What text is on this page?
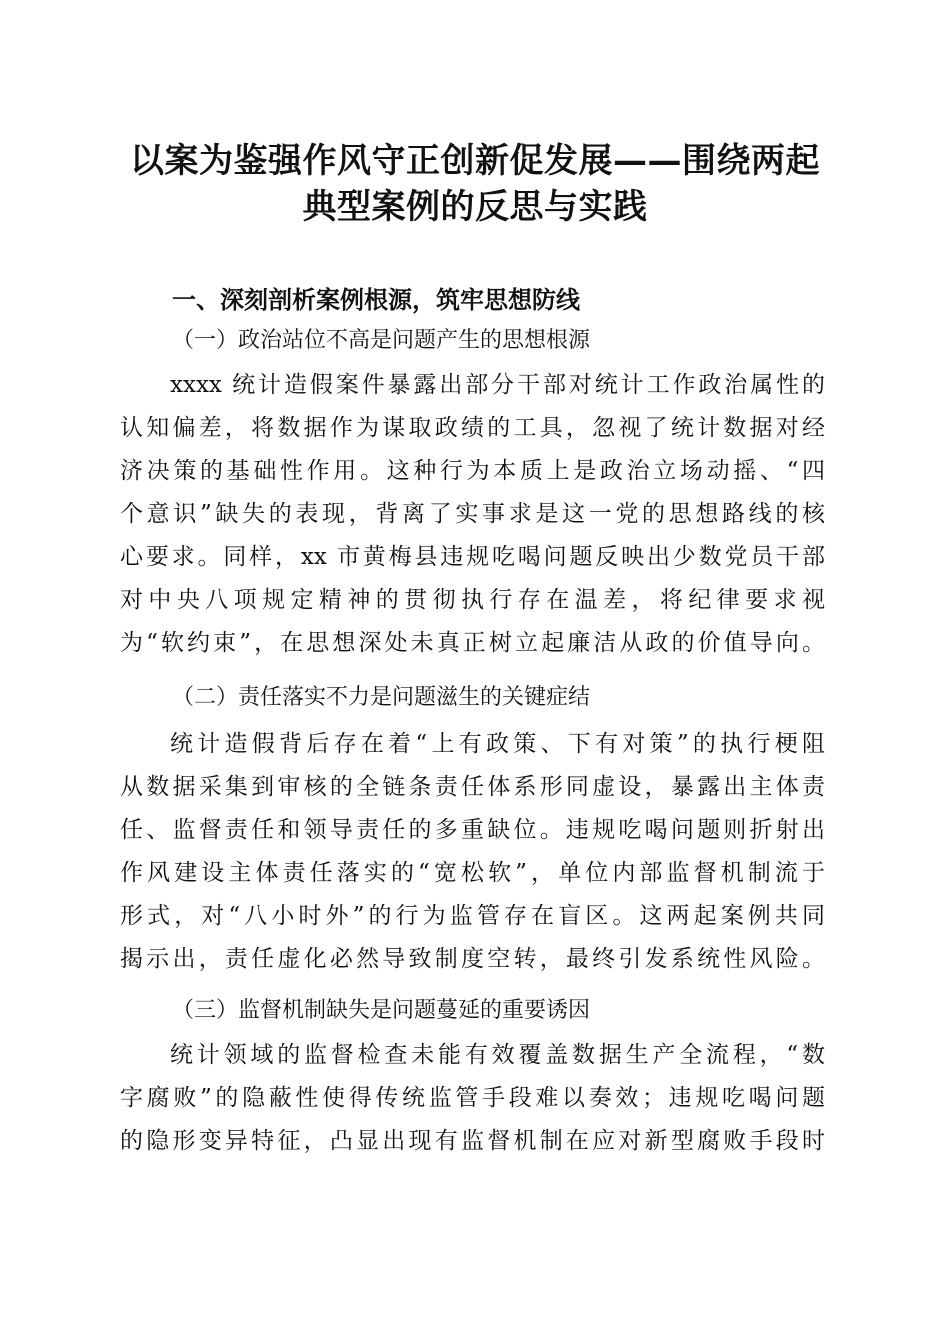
以案为鉴强作风守正创新促发展——围绕两起
典型案例的反思与实践
一、深刻剖析案例根源，筑牢思想防线
（一）政治站位不高是问题产生的思想根源
xxxx 统计造假案件暴露出部分干部对统计工作政治属性的
认知偏差，将数据作为谋取政绩的工具，忽视了统计数据对经
济决策的基础性作用。这种行为本质上是政治立场动摇、“四
个意识”缺失的表现，背离了实事求是这一党的思想路线的核
心要求。同样，xx 市黄梅县违规吃喝问题反映出少数党员干部
对中央八项规定精神的贯彻执行存在温差，将纪律要求视
为“软约束”，在思想深处未真正树立起廉洁从政的价值导向。
（二）责任落实不力是问题滋生的关键症结
统计造假背后存在着“上有政策、下有对策”的执行梗阻
从数据采集到审核的全链条责任体系形同虚设，暴露出主体责
任、监督责任和领导责任的多重缺位。违规吃喝问题则折射出
作风建设主体责任落实的“宽松软”，单位内部监督机制流于
形式，对“八小时外”的行为监管存在盲区。这两起案例共同
揭示出，责任虚化必然导致制度空转，最终引发系统性风险。
（三）监督机制缺失是问题蔓延的重要诱因
统计领域的监督检查未能有效覆盖数据生产全流程，“数
字腐败”的隐蔽性使得传统监管手段难以奏效；违规吃喝问题
的隐形变异特征，凸显出现有监督机制在应对新型腐败手段时
